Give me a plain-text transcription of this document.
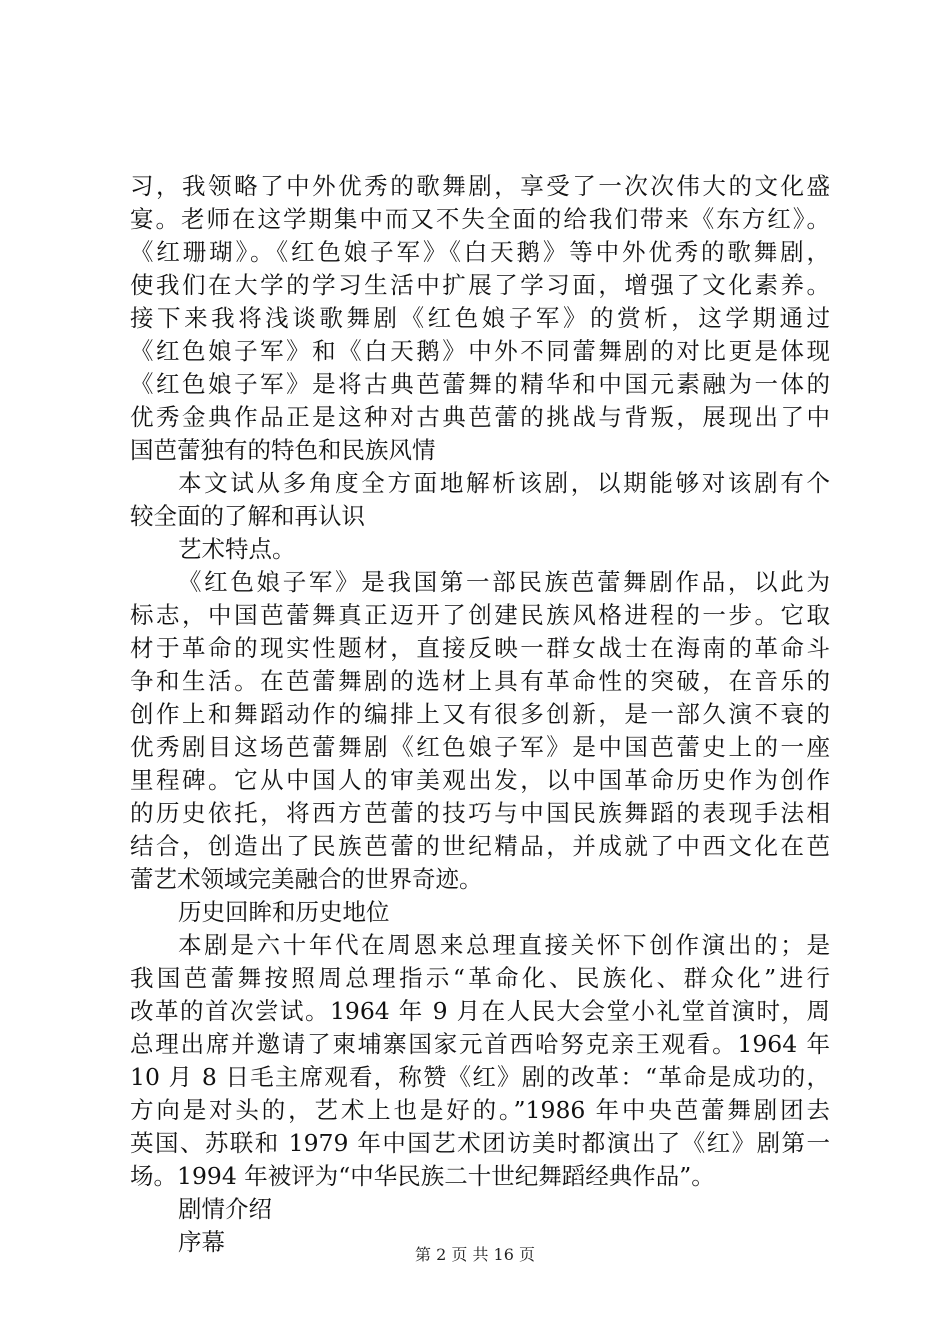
习，我领略了中外优秀的歌舞剧，享受了一次次伟大的文化盛
宴。老师在这学期集中而又不失全面的给我们带来《东方红》。
《红珊瑚》。《红色娘子军》《白天鹅》等中外优秀的歌舞剧，
使我们在大学的学习生活中扩展了学习面，增强了文化素养。
接下来我将浅谈歌舞剧《红色娘子军》的赏析，这学期通过
《红色娘子军》和《白天鹅》中外不同蕾舞剧的对比更是体现
《红色娘子军》是将古典芭蕾舞的精华和中国元素融为一体的
优秀金典作品正是这种对古典芭蕾的挑战与背叛，展现出了中
国芭蕾独有的特色和民族风情
本文试从多角度全方面地解析该剧，以期能够对该剧有个
较全面的了解和再认识
艺术特点。
《红色娘子军》是我国第一部民族芭蕾舞剧作品，以此为
标志，中国芭蕾舞真正迈开了创建民族风格进程的一步。它取
材于革命的现实性题材，直接反映一群女战士在海南的革命斗
争和生活。在芭蕾舞剧的选材上具有革命性的突破，在音乐的
创作上和舞蹈动作的编排上又有很多创新，是一部久演不衰的
优秀剧目这场芭蕾舞剧《红色娘子军》是中国芭蕾史上的一座
里程碑。它从中国人的审美观出发，以中国革命历史作为创作
的历史依托，将西方芭蕾的技巧与中国民族舞蹈的表现手法相
结合，创造出了民族芭蕾的世纪精品，并成就了中西文化在芭
蕾艺术领域完美融合的世界奇迹。
历史回眸和历史地位
本剧是六十年代在周恩来总理直接关怀下创作演出的；是
我国芭蕾舞按照周总理指示“革命化、民族化、群众化”进行
改革的首次尝试。1964 年 9 月在人民大会堂小礼堂首演时，周
总理出席并邀请了柬埔寨国家元首西哈努克亲王观看。1964 年
10 月 8 日毛主席观看，称赞《红》剧的改革：“革命是成功的，
方向是对头的，艺术上也是好的。”1986 年中央芭蕾舞剧团去
英国、苏联和 1979 年中国艺术团访美时都演出了《红》剧第一
场。1994 年被评为“中华民族二十世纪舞蹈经典作品”。
剧情介绍
序幕	第 2 页 共 16 页
